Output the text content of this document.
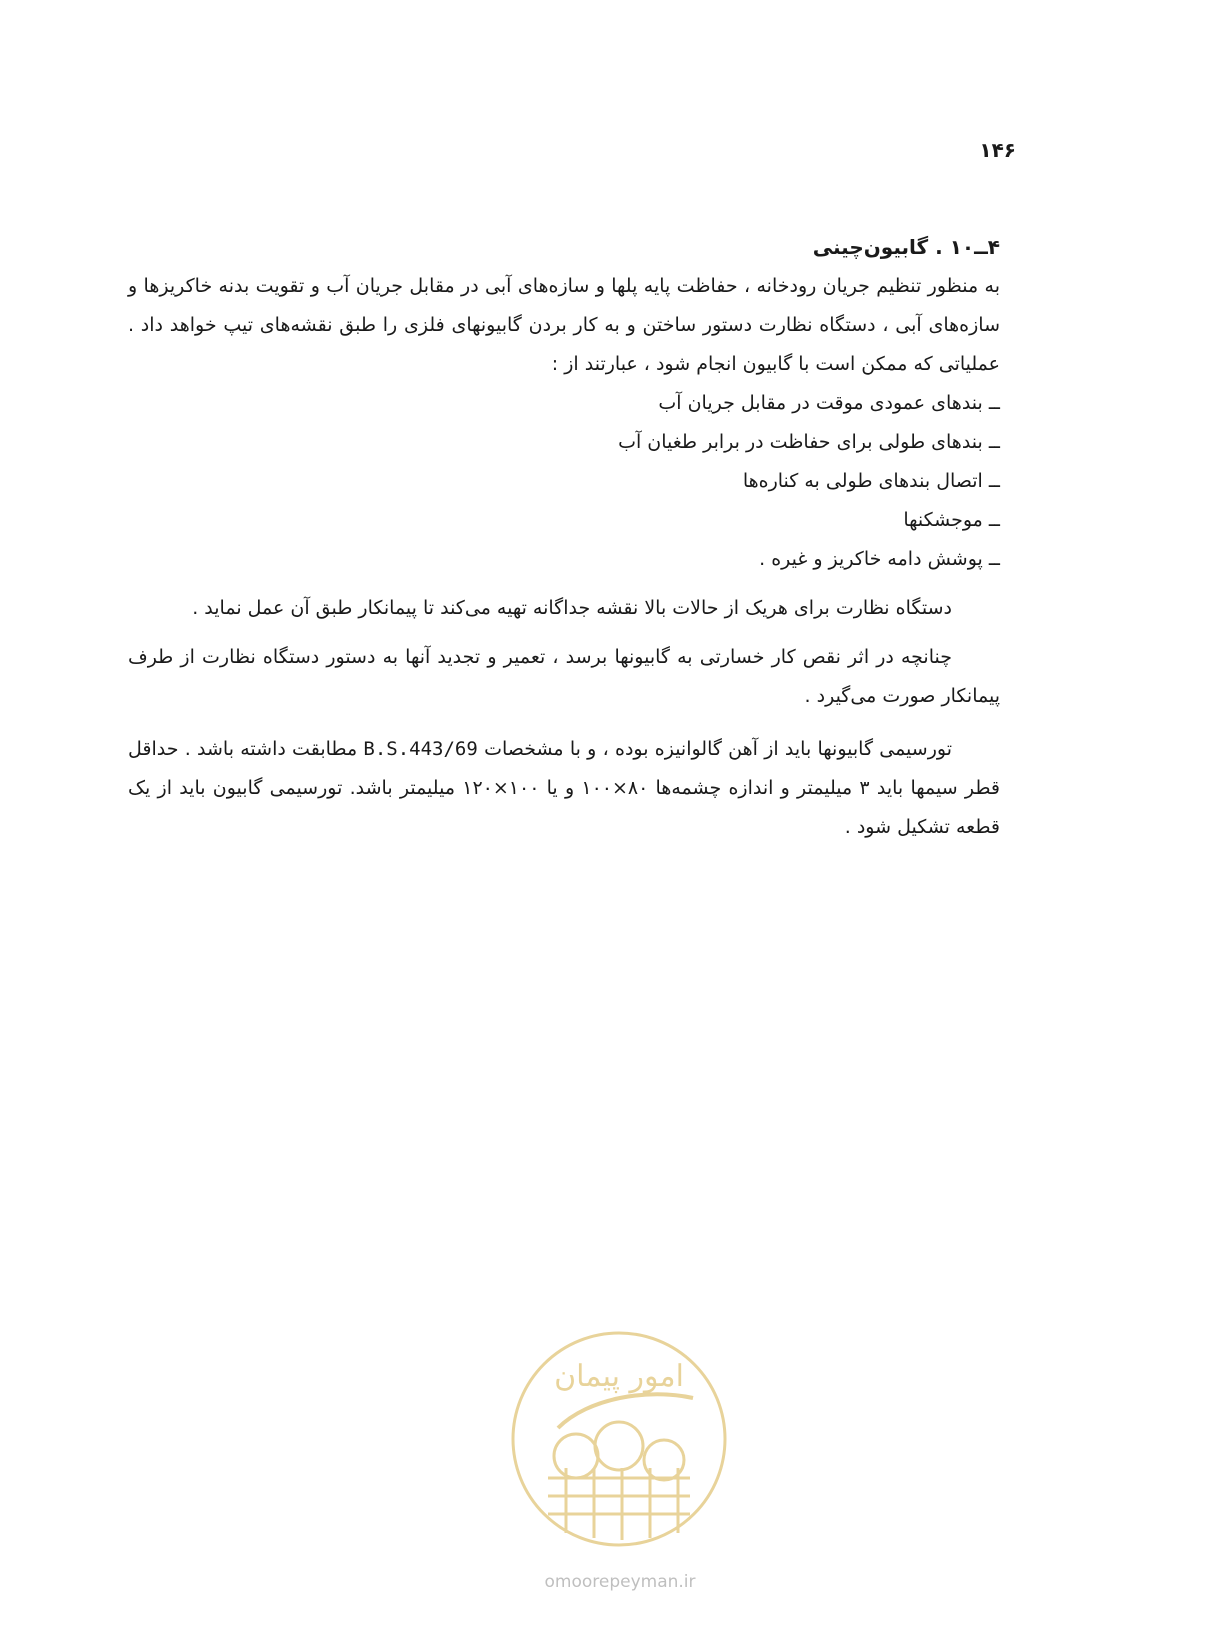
۱۴۶

۴ــ۱۰ . گابیون‌چینی

به منظور تنظیم جریان رودخانه ، حفاظت پایه پلها و سازه‌های آبی در مقابل جریان آب و تقویت بدنه خاکریزها و سازه‌های آبی ، دستگاه نظارت دستور ساختن و به کار بردن گابیونهای فلزی را طبق نقشه‌های تیپ خواهد داد . عملیاتی که ممکن است با گابیون انجام شود ، عبارتند از :

ــ بندهای عمودی موقت در مقابل جریان آب
ــ بندهای طولی برای حفاظت در برابر طغیان آب
ــ اتصال بندهای طولی به کناره‌ها
ــ موجشکنها
ــ پوشش دامه خاکریز و غیره .

دستگاه نظارت برای هریک از حالات بالا نقشه جداگانه تهیه می‌کند تا پیمانکار طبق آن عمل نماید .

چنانچه در اثر نقص کار خسارتی به گابیونها برسد ، تعمیر و تجدید آنها به دستور دستگاه نظارت از طرف پیمانکار صورت می‌گیرد .

تورسیمی گابیونها باید از آهن گالوانیزه بوده ، و با مشخصات B.S.443/69 مطابقت داشته باشد . حداقل قطر سیمها باید ۳ میلیمتر و اندازه چشمه‌ها ۸۰×۱۰۰ و یا ۱۰۰×۱۲۰ میلیمتر باشد. تورسیمی گابیون باید از یک قطعه تشکیل شود .

امور پیمان
omoorepeyman.ir
